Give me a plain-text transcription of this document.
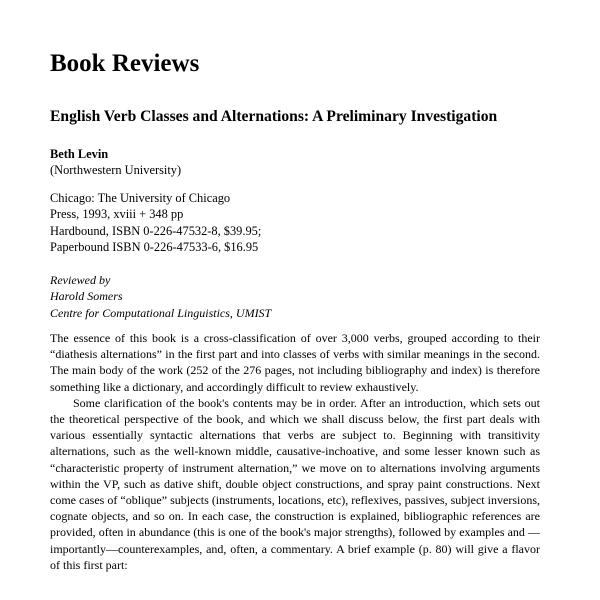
Book Reviews
English Verb Classes and Alternations: A Preliminary Investigation
Beth Levin
(Northwestern University)
Chicago: The University of Chicago
Press, 1993, xviii + 348 pp
Hardbound, ISBN 0-226-47532-8, $39.95;
Paperbound ISBN 0-226-47533-6, $16.95
Reviewed by
Harold Somers
Centre for Computational Linguistics, UMIST

The essence of this book is a cross-classification of over 3,000 verbs, grouped according to their “diathesis alternations” in the first part and into classes of verbs with similar meanings in the second. The main body of the work (252 of the 276 pages, not including bibliography and index) is therefore something like a dictionary, and accordingly difficult to review exhaustively.

Some clarification of the book's contents may be in order. After an introduction, which sets out the theoretical perspective of the book, and which we shall discuss below, the first part deals with various essentially syntactic alternations that verbs are subject to. Beginning with transitivity alternations, such as the well-known middle, causative-inchoative, and some lesser known such as “characteristic property of instrument alternation,” we move on to alternations involving arguments within the VP, such as dative shift, double object constructions, and spray paint constructions. Next come cases of “oblique” subjects (instruments, locations, etc), reflexives, passives, subject inversions, cognate objects, and so on. In each case, the construction is explained, bibliographic references are provided, often in abundance (this is one of the book's major strengths), followed by examples and —importantly—counterexamples, and, often, a commentary. A brief example (p. 80) will give a flavor of this first part:
